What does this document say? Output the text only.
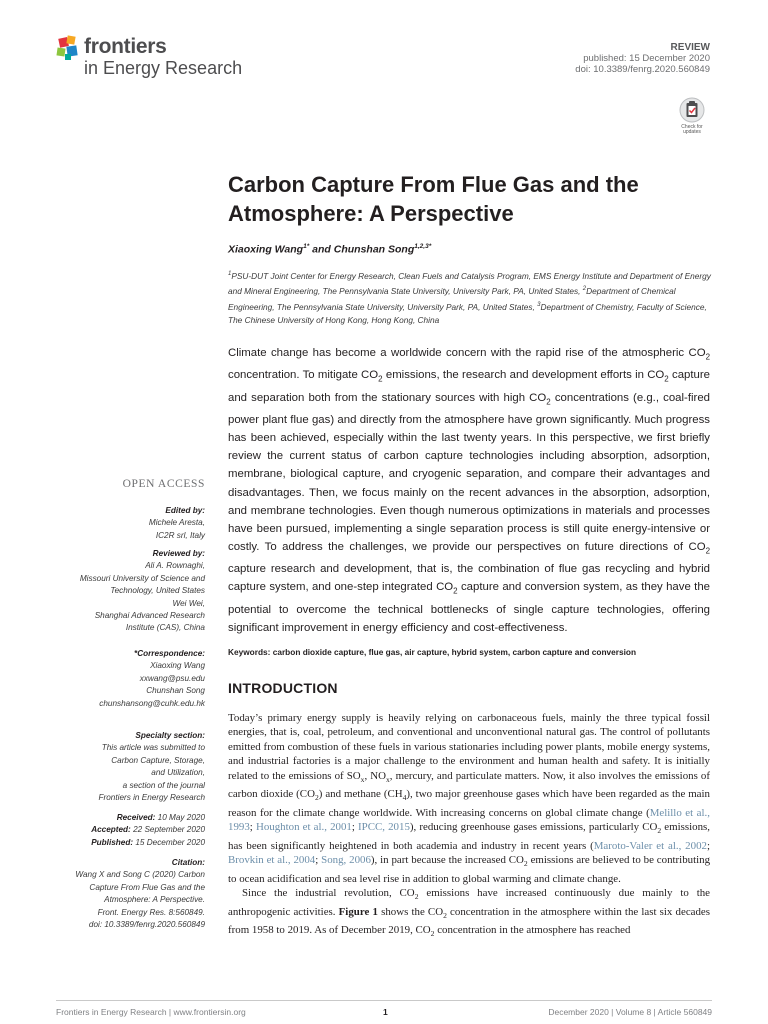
frontiers
in Energy Research
REVIEW
published: 15 December 2020
doi: 10.3389/fenrg.2020.560849
Check for updates
Carbon Capture From Flue Gas and the Atmosphere: A Perspective
Xiaoxing Wang$^{1*}$ and Chunshan Song$^{1,2,3*}$
$^1$PSU-DUT Joint Center for Energy Research, Clean Fuels and Catalysis Program, EMS Energy Institute and Department of Energy and Mineral Engineering, The Pennsylvania State University, University Park, PA, United States, $^2$Department of Chemical Engineering, The Pennsylvania State University, University Park, PA, United States, $^3$Department of Chemistry, Faculty of Science, The Chinese University of Hong Kong, Hong Kong, China
Climate change has become a worldwide concern with the rapid rise of the atmospheric $CO_2$ concentration. To mitigate $CO_2$ emissions, the research and development efforts in $CO_2$ capture and separation both from the stationary sources with high $CO_2$ concentrations (e.g., coal-fired power plant flue gas) and directly from the atmosphere have grown significantly. Much progress has been achieved, especially within the last twenty years. In this perspective, we first briefly review the current status of carbon capture technologies including absorption, adsorption, membrane, biological capture, and cryogenic separation, and compare their advantages and disadvantages. Then, we focus mainly on the recent advances in the absorption, adsorption, and membrane technologies. Even though numerous optimizations in materials and processes have been pursued, implementing a single separation process is still quite energy-intensive or costly. To address the challenges, we provide our perspectives on future directions of $CO_2$ capture research and development, that is, the combination of flue gas recycling and hybrid capture system, and one-step integrated $CO_2$ capture and conversion system, as they have the potential to overcome the technical bottlenecks of single capture technologies, offering significant improvement in energy efficiency and cost-effectiveness.
Keywords: carbon dioxide capture, flue gas, air capture, hybrid system, carbon capture and conversion
INTRODUCTION

Today’s primary energy supply is heavily relying on carbonaceous fuels, mainly the three typical fossil energies, that is, coal, petroleum, and conventional and unconventional natural gas. The control of pollutants emitted from combustion of these fuels in various stationaries including power plants, mobile energy systems, and industrial factories is a major challenge to the environment and human health and safety. It is initially related to the emissions of $SO_x$, $NO_x$, mercury, and particulate matters. Now, it also involves the emissions of carbon dioxide $(CO_2)$ and methane $(CH_4)$, two major greenhouse gases which have been regarded as the main reason for the climate change worldwide. With increasing concerns on global climate change (Melillo et al., 1993; Houghton et al., 2001; IPCC, 2015), reducing greenhouse gases emissions, particularly $CO_2$ emissions, has been significantly heightened in both academia and industry in recent years (Maroto-Valer et al., 2002; Brovkin et al., 2004; Song, 2006), in part because the increased $CO_2$ emissions are believed to be contributing to ocean acidification and sea level rise in addition to global warming and climate change.

Since the industrial revolution, $CO_2$ emissions have increased continuously due mainly to the anthropogenic activities. Figure 1 shows the $CO_2$ concentration in the atmosphere within the last six decades from 1958 to 2019. As of December 2019, $CO_2$ concentration in the atmosphere has reached

OPEN ACCESS
Edited by:
Michele Aresta,
IC2R srl, Italy
Reviewed by:
Ali A. Rownaghi,
Missouri University of Science and
Technology, United States
Wei Wei,
Shanghai Advanced Research
Institute (CAS), China
*Correspondence:
Xiaoxing Wang
xxwang@psu.edu
Chunshan Song
chunshansong@cuhk.edu.hk
Specialty section:
This article was submitted to
Carbon Capture, Storage,
and Utilization,
a section of the journal
Frontiers in Energy Research
Received: 10 May 2020
Accepted: 22 September 2020
Published: 15 December 2020
Citation:
Wang X and Song C (2020) Carbon
Capture From Flue Gas and the
Atmosphere: A Perspective.
Front. Energy Res. 8:560849.
doi: 10.3389/fenrg.2020.560849
Frontiers in Energy Research | www.frontiersin.org	1	December 2020 | Volume 8 | Article 560849
